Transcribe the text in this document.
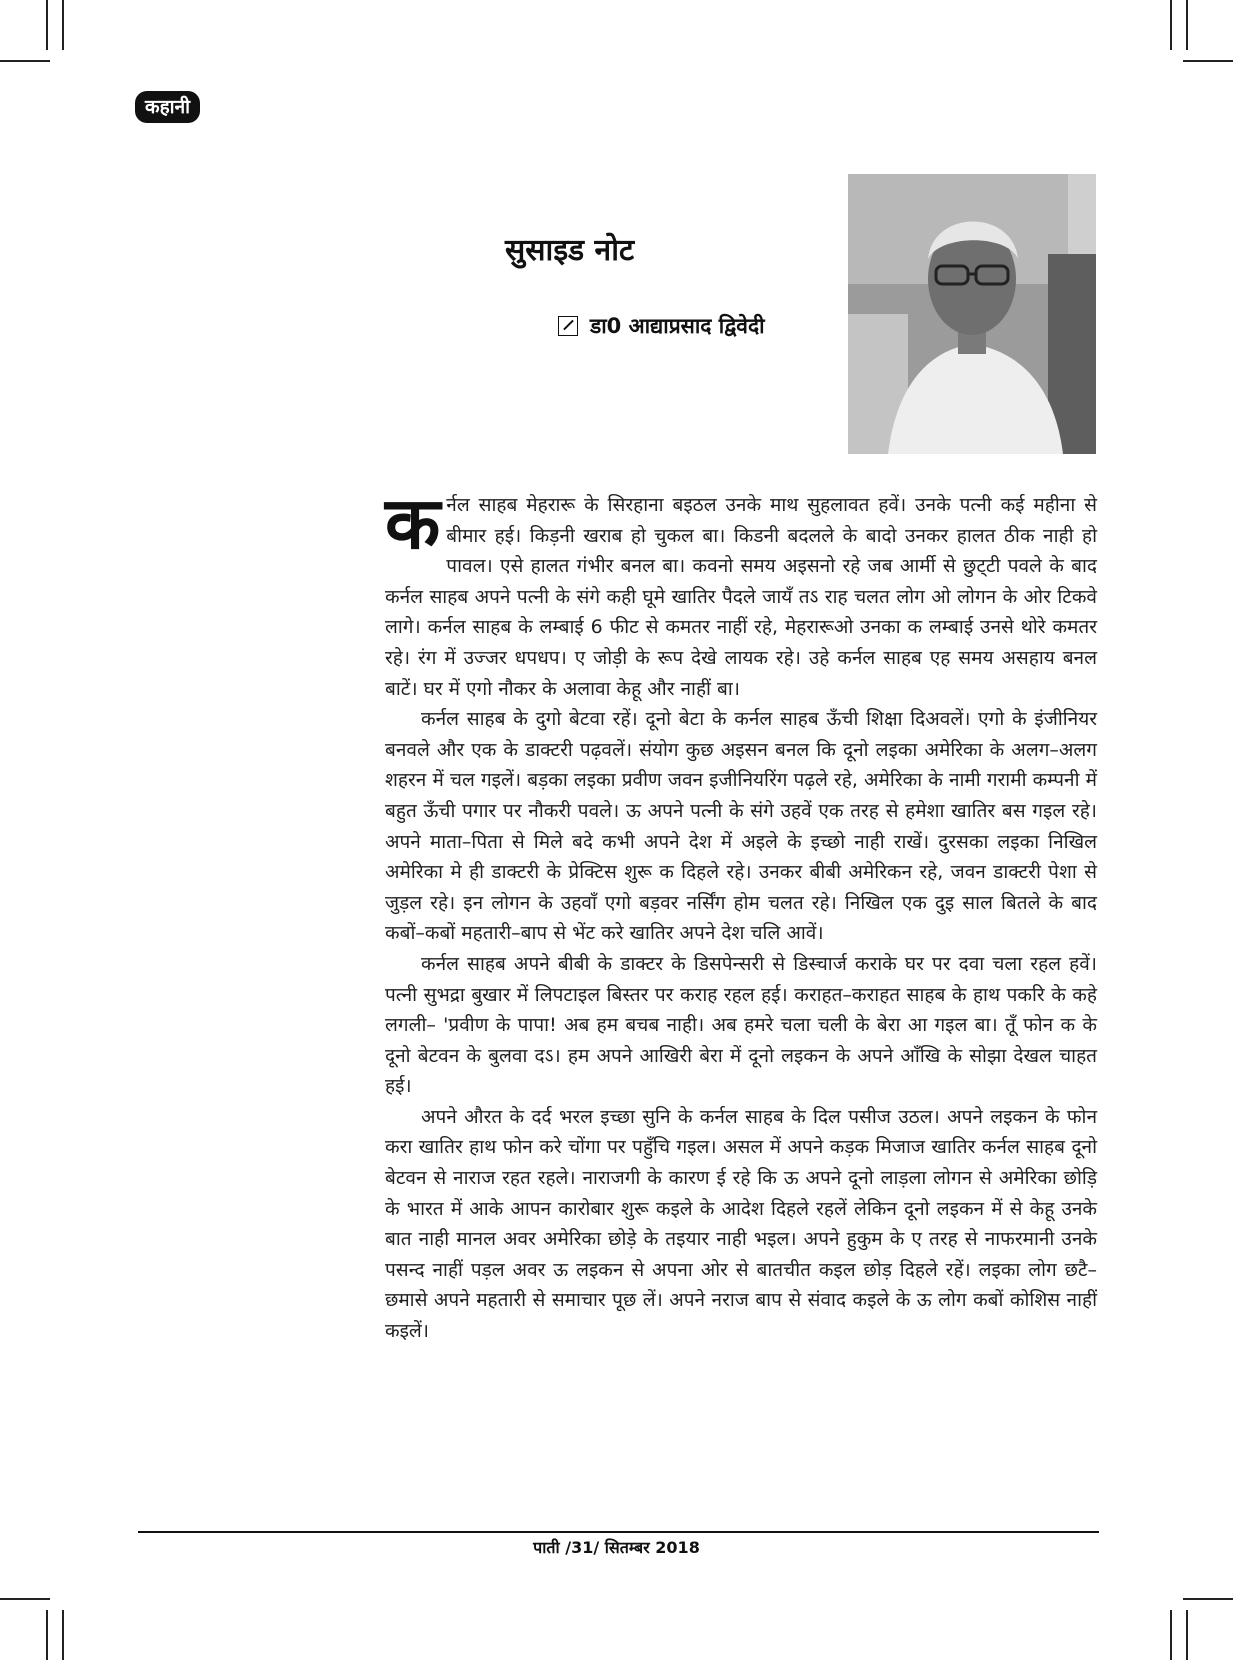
कहानी
सुसाइड नोट
डा0 आद्याप्रसाद द्विवेदी

कर्नल साहब मेहरारू के सिरहाना बइठल उनके माथ सुहलावत हवें। उनके पत्नी कई महीना से बीमार हई। किड़नी खराब हो चुकल बा। किडनी बदलले के बादो उनकर हालत ठीक नाही हो पावल। एसे हालत गंभीर बनल बा। कवनो समय अइसनो रहे जब आर्मी से छुट्‌टी पवले के बाद कर्नल साहब अपने पत्नी के संगे कही घूमे खातिर पैदले जायँ तऽ राह चलत लोग ओ लोगन के ओर टिकवे लागे। कर्नल साहब के लम्बाई 6 फीट से कमतर नाहीं रहे, मेहरारूओ उनका क लम्बाई उनसे थोरे कमतर रहे। रंग में उज्जर धपधप। ए जोड़ी के रूप देखे लायक रहे। उहे कर्नल साहब एह समय असहाय बनल बाटें। घर में एगो नौकर के अलावा केहू और नाहीं बा।

कर्नल साहब के दुगो बेटवा रहें। दूनो बेटा के कर्नल साहब ऊँची शिक्षा दिअवलें। एगो के इंजीनियर बनवले और एक के डाक्टरी पढ़वलें। संयोग कुछ अइसन बनल कि दूनो लइका अमेरिका के अलग–अलग शहरन में चल गइलें। बड़का लइका प्रवीण जवन इजीनियरिंग पढ़ले रहे, अमेरिका के नामी गरामी कम्पनी में बहुत ऊँची पगार पर नौकरी पवले। ऊ अपने पत्नी के संगे उहवें एक तरह से हमेशा खातिर बस गइल रहे। अपने माता–पिता से मिले बदे कभी अपने देश में अइले के इच्छो नाही राखें। दुरसका लइका निखिल अमेरिका मे ही डाक्टरी के प्रेक्टिस शुरू क दिहले रहे। उनकर बीबी अमेरिकन रहे, जवन डाक्टरी पेशा से जुड़ल रहे। इन लोगन के उहवाँ एगो बड़वर नर्सिंग होम चलत रहे। निखिल एक दुइ साल बितले के बाद कबों–कबों महतारी–बाप से भेंट करे खातिर अपने देश चलि आवें।

कर्नल साहब अपने बीबी के डाक्टर के डिसपेन्सरी से डिस्चार्ज कराके घर पर दवा चला रहल हवें। पत्नी सुभद्रा बुखार में लिपटाइल बिस्तर पर कराह रहल हई। कराहत–कराहत साहब के हाथ पकरि के कहे लगली– 'प्रवीण के पापा! अब हम बचब नाही। अब हमरे चला चली के बेरा आ गइल बा। तूँ फोन क के दूनो बेटवन के बुलवा दऽ। हम अपने आखिरी बेरा में दूनो लइकन के अपने आँखि के सोझा देखल चाहत हई।

अपने औरत के दर्द भरल इच्छा सुनि के कर्नल साहब के दिल पसीज उठल। अपने लइकन के फोन करा खातिर हाथ फोन करे चोंगा पर पहुँचि गइल। असल में अपने कड़क मिजाज खातिर कर्नल साहब दूनो बेटवन से नाराज रहत रहले। नाराजगी के कारण ई रहे कि ऊ अपने दूनो लाड़ला लोगन से अमेरिका छोड़ि के भारत में आके आपन कारोबार शुरू कइले के आदेश दिहले रहलें लेकिन दूनो लइकन में से केहू उनके बात नाही मानल अवर अमेरिका छोड़े के तइयार नाही भइल। अपने हुकुम के ए तरह से नाफरमानी उनके पसन्द नाहीं पड़ल अवर ऊ लइकन से अपना ओर से बातचीत कइल छोड़ दिहले रहें। लइका लोग छटै–छमासे अपने महतारी से समाचार पूछ लें। अपने नराज बाप से संवाद कइले के ऊ लोग कबों कोशिस नाहीं कइलें।

पाती /31/ सितम्बर 2018
